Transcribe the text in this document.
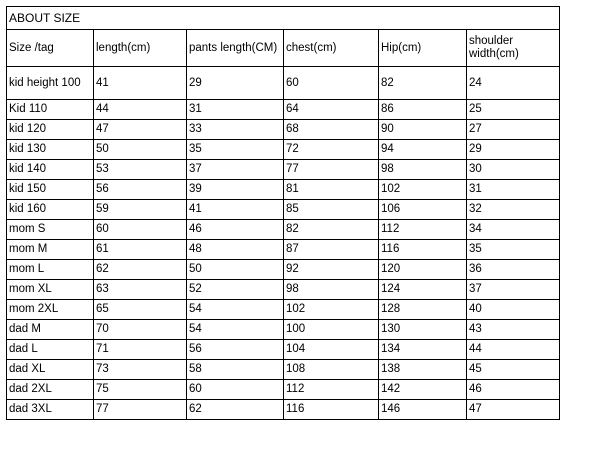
ABOUT SIZE					
Size /tag	length(cm)	pants length(CM)	chest(cm)	Hip(cm)	shoulder width(cm)
kid height 100	41	29	60	82	24
Kid 110	44	31	64	86	25
kid 120	47	33	68	90	27
kid 130	50	35	72	94	29
kid 140	53	37	77	98	30
kid 150	56	39	81	102	31
kid 160	59	41	85	106	32
mom S	60	46	82	112	34
mom M	61	48	87	116	35
mom L	62	50	92	120	36
mom XL	63	52	98	124	37
mom 2XL	65	54	102	128	40
dad M	70	54	100	130	43
dad L	71	56	104	134	44
dad XL	73	58	108	138	45
dad 2XL	75	60	112	142	46
dad 3XL	77	62	116	146	47
